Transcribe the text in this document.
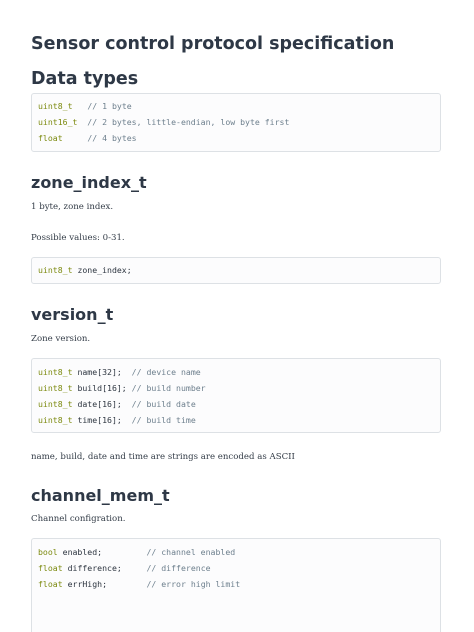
Sensor control protocol specification
Data types
uint8_t // 1 byte
uint16_t // 2 bytes, little-endian, low byte first
float	// 4 bytes
zone_index_t
1 byte, zone index.
Possible values: 0-31.
uint8_t zone_index;
version_t
Zone version.
uint8_t name[32];  // device name
uint8_t build[16]; // build number
uint8_t date[16];  // build date
uint8_t time[16];  // build time
name, build, date and time are strings are encoded as ASCII
channel_mem_t
Channel configration.
bool enabled;         // channel enabled
float difference;     // difference
float errHigh;        // error high limit
